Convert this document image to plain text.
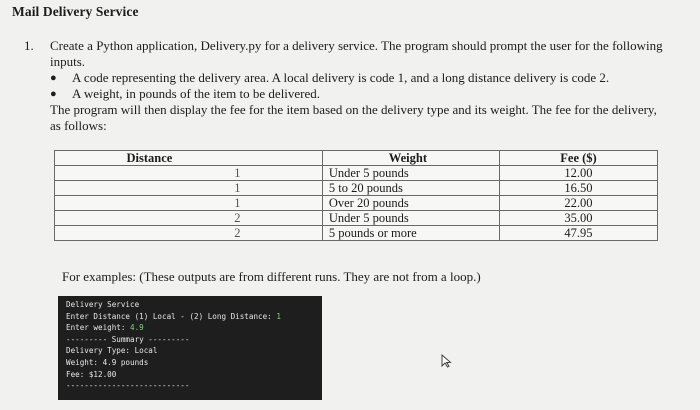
Mail Delivery Service
1.	Create a Python application, Delivery.py for a delivery service. The program should prompt the user for the following inputs.
●	A code representing the delivery area. A local delivery is code 1, and a long distance delivery is code 2.
●	A weight, in pounds of the item to be delivered.
The program will then display the fee for the item based on the delivery type and its weight. The fee for the delivery, as follows:
Distance	Weight	Fee ($)
1	Under 5 pounds	12.00
1	5 to 20 pounds	16.50
1	Over 20 pounds	22.00
2	Under 5 pounds	35.00
2	5 pounds or more	47.95
For examples: (These outputs are from different runs. They are not from a loop.)
Delivery Service
Enter Distance (1) Local - (2) Long Distance: 1
Enter weight: 4.9
--------- Summary ---------
Delivery Type: Local
Weight: 4.9 pounds
Fee: $12.00
---------------------------
